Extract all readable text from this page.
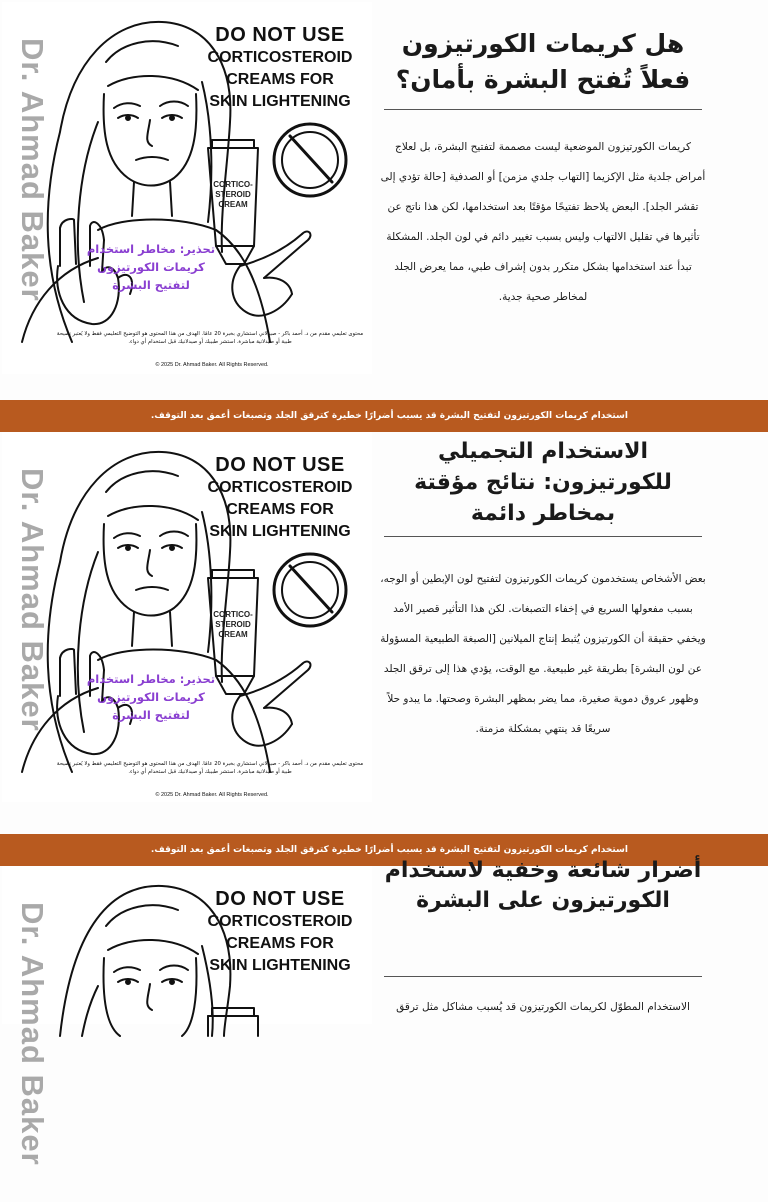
Dr. Ahmad Baker
DO NOT USE
CORTICOSTEROID
CREAMS FOR
SKIN LIGHTENING
CORTICO-
STEROID
CREAM
تحذير: مخاطر استخدام كريمات الكورتيزون لتفتيح البشرة
محتوى تعليمي مقدم من د. أحمد باكر - صيدلاني استشاري بخبرة 20 عامًا. الهدف من هذا المحتوى هو التوضيح التعليمي فقط ولا يُعتبر نصيحة طبية أو صيدلانية مباشرة. استشر طبيبك أو صيدلانيك قبل استخدام أي دواء.
© 2025 Dr. Ahmad Baker. All Rights Reserved.
هل كريمات الكورتيزون فعلاً تُفتح البشرة بأمان؟
كريمات الكورتيزون الموضعية ليست مصممة لتفتيح البشرة، بل لعلاج أمراض جلدية مثل الإكزيما [التهاب جلدي مزمن] أو الصدفية [حالة تؤدي إلى تقشر الجلد]. البعض يلاحظ تفتيحًا مؤقتًا بعد استخدامها، لكن هذا ناتج عن تأثيرها في تقليل الالتهاب وليس بسبب تغيير دائم في لون الجلد. المشكلة تبدأ عند استخدامها بشكل متكرر بدون إشراف طبي، مما يعرض الجلد لمخاطر صحية جدية.
استخدام كريمات الكورتيزون لتفتيح البشرة قد يسبب أضرارًا خطيرة كترقق الجلد وتصبغات أعمق بعد التوقف.
Dr. Ahmad Baker
DO NOT USE
CORTICOSTEROID
CREAMS FOR
SKIN LIGHTENING
CORTICO-
STEROID
CREAM
تحذير: مخاطر استخدام كريمات الكورتيزون لتفتيح البشرة
محتوى تعليمي مقدم من د. أحمد باكر - صيدلاني استشاري بخبرة 20 عامًا. الهدف من هذا المحتوى هو التوضيح التعليمي فقط ولا يُعتبر نصيحة طبية أو صيدلانية مباشرة. استشر طبيبك أو صيدلانيك قبل استخدام أي دواء.
© 2025 Dr. Ahmad Baker. All Rights Reserved.
الاستخدام التجميلي للكورتيزون: نتائج مؤقتة بمخاطر دائمة
بعض الأشخاص يستخدمون كريمات الكورتيزون لتفتيح لون الإبطين أو الوجه، بسبب مفعولها السريع في إخفاء التصبغات. لكن هذا التأثير قصير الأمد ويخفي حقيقة أن الكورتيزون يُثبط إنتاج الميلانين [الصبغة الطبيعية المسؤولة عن لون البشرة] بطريقة غير طبيعية. مع الوقت، يؤدي هذا إلى ترقق الجلد وظهور عروق دموية صغيرة، مما يضر بمظهر البشرة وصحتها. ما يبدو حلاً سريعًا قد ينتهي بمشكلة مزمنة.
استخدام كريمات الكورتيزون لتفتيح البشرة قد يسبب أضرارًا خطيرة كترقق الجلد وتصبغات أعمق بعد التوقف.
Dr. Ahmad Baker
DO NOT USE
CORTICOSTEROID
CREAMS FOR
SKIN LIGHTENING
أضرار شائعة وخفية لاستخدام الكورتيزون على البشرة
الاستخدام المطوّل لكريمات الكورتيزون قد يُسبب مشاكل مثل ترقق
